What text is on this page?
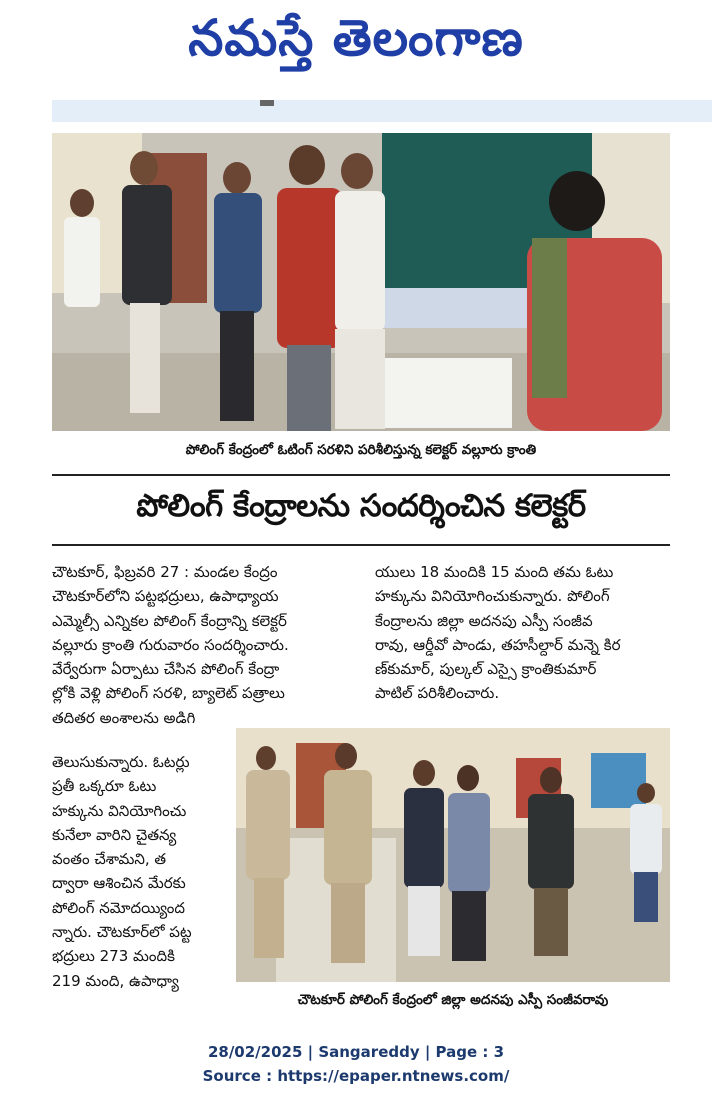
నమస్తే తెలంగాణ
పోలింగ్‌ కేంద్రంలో ఓటింగ్‌ సరళిని పరిశీలిస్తున్న కలెక్టర్‌ వల్లూరు క్రాంతి
పోలింగ్‌ కేంద్రాలను సందర్శించిన కలెక్టర్‌

చౌటకూర్‌, ఫిబ్రవరి 27 : మండల కేంద్రం

చౌటకూర్‌లోని పట్టభద్రులు, ఉపాధ్యాయ

ఎమ్మెల్సీ ఎన్నికల పోలింగ్‌ కేంద్రాన్ని కలెక్టర్‌

వల్లూరు క్రాంతి గురువారం సందర్శించారు.

వేర్వేరుగా ఏర్పాటు చేసిన పోలింగ్‌ కేంద్రా

ల్లోకి వెళ్లి పోలింగ్‌ సరళి, బ్యాలెట్‌ పత్రాలు

తదితర అంశాలను అడిగి

తెలుసుకున్నారు. ఓటర్లు

ప్రతీ ఒక్కరూ ఓటు

హక్కును వినియోగించు

కునేలా వారిని చైతన్య

వంతం చేశామని, త

ద్వారా ఆశించిన మేరకు

పోలింగ్‌ నమోదయ్యింద

న్నారు. చౌటకూర్‌లో పట్ట

భద్రులు 273 మందికి

219 మంది, ఉపాధ్యా

యులు 18 మందికి 15 మంది తమ ఓటు

హక్కును వినియోగించుకున్నారు. పోలింగ్‌

కేంద్రాలను జిల్లా అదనపు ఎస్పీ సంజీవ

రావు, ఆర్డీవో పాండు, తహసీల్దార్‌ మన్నె కిర

ణ్‌కుమార్‌, పుల్కల్‌ ఎస్సై క్రాంతికుమార్‌

పాటిల్‌ పరిశీలించారు.

చౌటకూర్‌ పోలింగ్‌ కేంద్రంలో జిల్లా అదనపు ఎస్పీ సంజీవరావు
28/02/2025 | Sangareddy | Page : 3
Source : https://epaper.ntnews.com/
